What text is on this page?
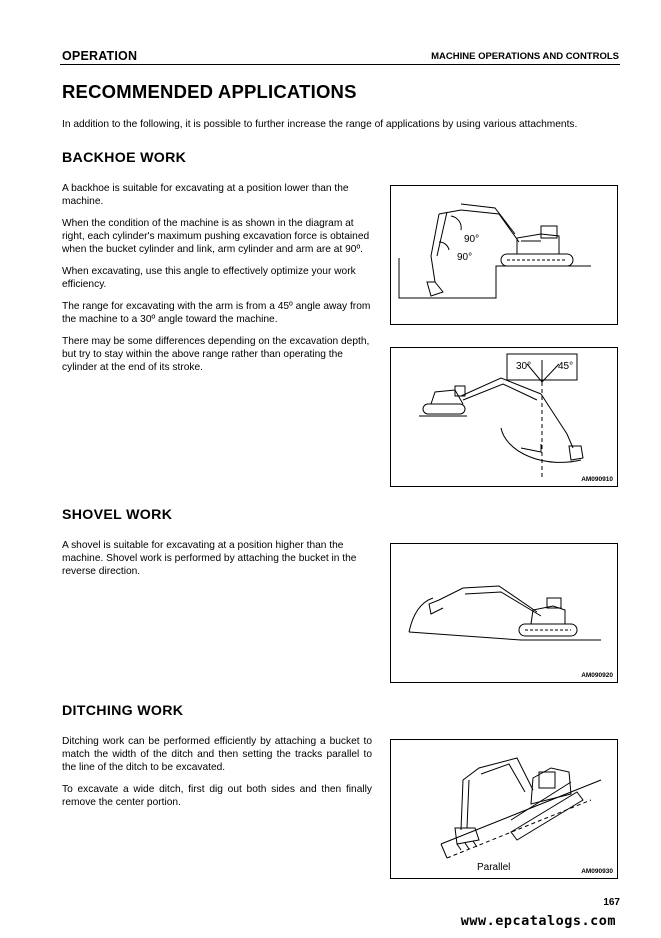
OPERATION	MACHINE OPERATIONS AND CONTROLS
RECOMMENDED APPLICATIONS
In addition to the following, it is possible to further increase the range of applications by using various attachments.
BACKHOE WORK

A backhoe is suitable for excavating at a position lower than the machine.

When the condition of the machine is as shown in the diagram at right, each cylinder's maximum pushing excavation force is obtained when the bucket cylinder and link, arm cylinder and arm are at 90º.

When excavating, use this angle to effectively optimize your work efficiency.

The range for excavating with the arm is from a 45º angle away from the machine to a 30º angle toward the machine.

There may be some differences depending on the excavation depth, but try to stay within the above range rather than operating the cylinder at the end of its stroke.

90°
90°
30°	45°
AM090910
SHOVEL WORK

A shovel is suitable for excavating at a position higher than the machine. Shovel work is performed by attaching the bucket in the reverse direction.

AM090920
DITCHING WORK

Ditching work can be performed efficiently by attaching a bucket to match the width of the ditch and then setting the tracks parallel to the line of the ditch to be excavated.

To excavate a wide ditch, first dig out both sides and then finally remove the center portion.

Parallel	AM090930
167
www.epcatalogs.com
